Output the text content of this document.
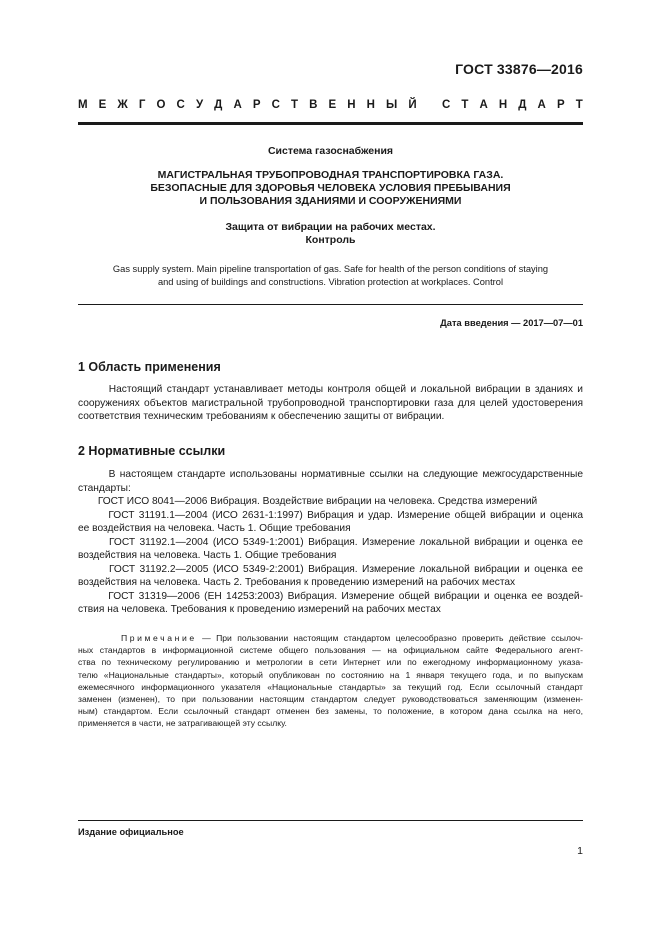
ГОСТ 33876—2016
М Е Ж Г О С У Д А Р С Т В Е Н Н Ы Й
С Т А Н Д А Р Т
Система газоснабжения
МАГИСТРАЛЬНАЯ ТРУБОПРОВОДНАЯ ТРАНСПОРТИРОВКА ГАЗА.
БЕЗОПАСНЫЕ ДЛЯ ЗДОРОВЬЯ ЧЕЛОВЕКА УСЛОВИЯ ПРЕБЫВАНИЯ
И ПОЛЬЗОВАНИЯ ЗДАНИЯМИ И СООРУЖЕНИЯМИ
Защита от вибрации на рабочих местах.
Контроль
Gas supply system. Main pipeline transportation of gas. Safe for health of the person conditions of staying
and using of buildings and constructions. Vibration protection at workplaces. Control
Дата введения — 2017—07—01
1 Область применения
Настоящий стандарт устанавливает методы контроля общей и локальной вибрации в зданиях и
сооружениях объектов магистральной трубопроводной транспортировки газа для целей удостоверения
соответствия техническим требованиям к обеспечению защиты от вибрации.
2 Нормативные ссылки
В настоящем стандарте использованы нормативные ссылки на следующие межгосударственные
стандарты:
ГОСТ ИСО 8041—2006 Вибрация. Воздействие вибрации на человека. Средства измерений
ГОСТ 31191.1—2004 (ИСО 2631-1:1997) Вибрация и удар. Измерение общей вибрации и оценка
ее воздействия на человека. Часть 1. Общие требования
ГОСТ 31192.1—2004 (ИСО 5349-1:2001) Вибрация. Измерение локальной вибрации и оценка ее
воздействия на человека. Часть 1. Общие требования
ГОСТ 31192.2—2005 (ИСО 5349-2:2001) Вибрация. Измерение локальной вибрации и оценка ее
воздействия на человека. Часть 2. Требования к проведению измерений на рабочих местах
ГОСТ 31319—2006 (ЕН 14253:2003) Вибрация. Измерение общей вибрации и оценка ее воздей-
ствия на человека. Требования к проведению измерений на рабочих местах
Примечание — При пользовании настоящим стандартом целесообразно проверить действие ссылоч-
ных стандартов в информационной системе общего пользования — на официальном сайте Федерального агент-
ства по техническому регулированию и метрологии в сети Интернет или по ежегодному информационному указа-
телю «Национальные стандарты», который опубликован по состоянию на 1 января текущего года, и по выпускам
ежемесячного информационного указателя «Национальные стандарты» за текущий год. Если ссылочный стандарт
заменен (изменен), то при пользовании настоящим стандартом следует руководствоваться заменяющим (изменен-
ным) стандартом. Если ссылочный стандарт отменен без замены, то положение, в котором дана ссылка на него,
применяется в части, не затрагивающей эту ссылку.
Издание официальное
1
